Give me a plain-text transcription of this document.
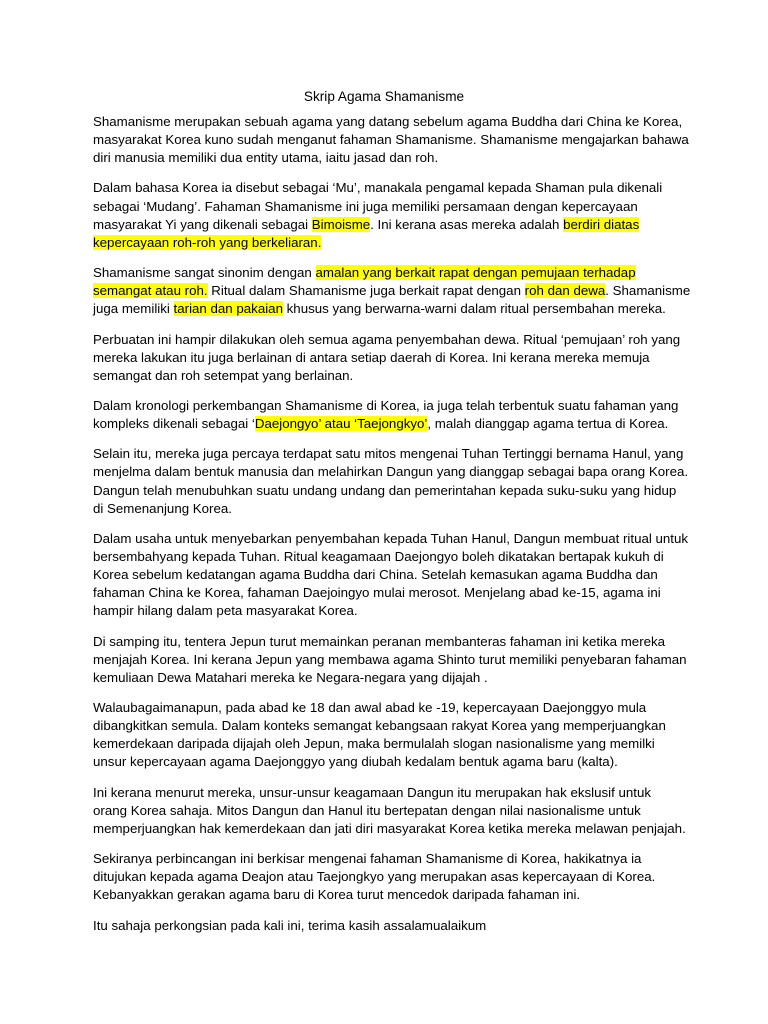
Skrip Agama Shamanisme

Shamanisme merupakan sebuah agama yang datang sebelum agama Buddha dari China ke Korea,
masyarakat Korea kuno sudah menganut fahaman Shamanisme. Shamanisme mengajarkan bahawa
diri manusia memiliki dua entity utama, iaitu jasad dan roh.

Dalam bahasa Korea ia disebut sebagai ‘Mu’, manakala pengamal kepada Shaman pula dikenali
sebagai ‘Mudang’. Fahaman Shamanisme ini juga memiliki persamaan dengan kepercayaan
masyarakat Yi yang dikenali sebagai Bimoisme. Ini kerana asas mereka adalah berdiri diatas
kepercayaan roh-roh yang berkeliaran.

Shamanisme sangat sinonim dengan amalan yang berkait rapat dengan pemujaan terhadap
semangat atau roh. Ritual dalam Shamanisme juga berkait rapat dengan roh dan dewa. Shamanisme
juga memiliki tarian dan pakaian khusus yang berwarna-warni dalam ritual persembahan mereka.

Perbuatan ini hampir dilakukan oleh semua agama penyembahan dewa. Ritual ‘pemujaan’ roh yang
mereka lakukan itu juga berlainan di antara setiap daerah di Korea. Ini kerana mereka memuja
semangat dan roh setempat yang berlainan.

Dalam kronologi perkembangan Shamanisme di Korea, ia juga telah terbentuk suatu fahaman yang
kompleks dikenali sebagai ‘Daejongyo’ atau ‘Taejongkyo’, malah dianggap agama tertua di Korea.

Selain itu, mereka juga percaya terdapat satu mitos mengenai Tuhan Tertinggi bernama Hanul, yang
menjelma dalam bentuk manusia dan melahirkan Dangun yang dianggap sebagai bapa orang Korea.
Dangun telah menubuhkan suatu undang undang dan pemerintahan kepada suku-suku yang hidup
di Semenanjung Korea.

Dalam usaha untuk menyebarkan penyembahan kepada Tuhan Hanul, Dangun membuat ritual untuk
bersembahyang kepada Tuhan. Ritual keagamaan Daejongyo boleh dikatakan bertapak kukuh di
Korea sebelum kedatangan agama Buddha dari China. Setelah kemasukan agama Buddha dan
fahaman China ke Korea, fahaman Daejoingyo mulai merosot. Menjelang abad ke-15, agama ini
hampir hilang dalam peta masyarakat Korea.

Di samping itu, tentera Jepun turut memainkan peranan membanteras fahaman ini ketika mereka
menjajah Korea. Ini kerana Jepun yang membawa agama Shinto turut memiliki penyebaran fahaman
kemuliaan Dewa Matahari mereka ke Negara-negara yang dijajah .

Walaubagaimanapun, pada abad ke 18 dan awal abad ke -19, kepercayaan Daejonggyo mula
dibangkitkan semula. Dalam konteks semangat kebangsaan rakyat Korea yang memperjuangkan
kemerdekaan daripada dijajah oleh Jepun, maka bermulalah slogan nasionalisme yang memilki
unsur kepercayaan agama Daejonggyo yang diubah kedalam bentuk agama baru (kalta).

Ini kerana menurut mereka, unsur-unsur keagamaan Dangun itu merupakan hak ekslusif untuk
orang Korea sahaja. Mitos Dangun dan Hanul itu bertepatan dengan nilai nasionalisme untuk
memperjuangkan hak kemerdekaan dan jati diri masyarakat Korea ketika mereka melawan penjajah.

Sekiranya perbincangan ini berkisar mengenai fahaman Shamanisme di Korea, hakikatnya ia
ditujukan kepada agama Deajon atau Taejongkyo yang merupakan asas kepercayaan di Korea.
Kebanyakkan gerakan agama baru di Korea turut mencedok daripada fahaman ini.

Itu sahaja perkongsian pada kali ini, terima kasih assalamualaikum
